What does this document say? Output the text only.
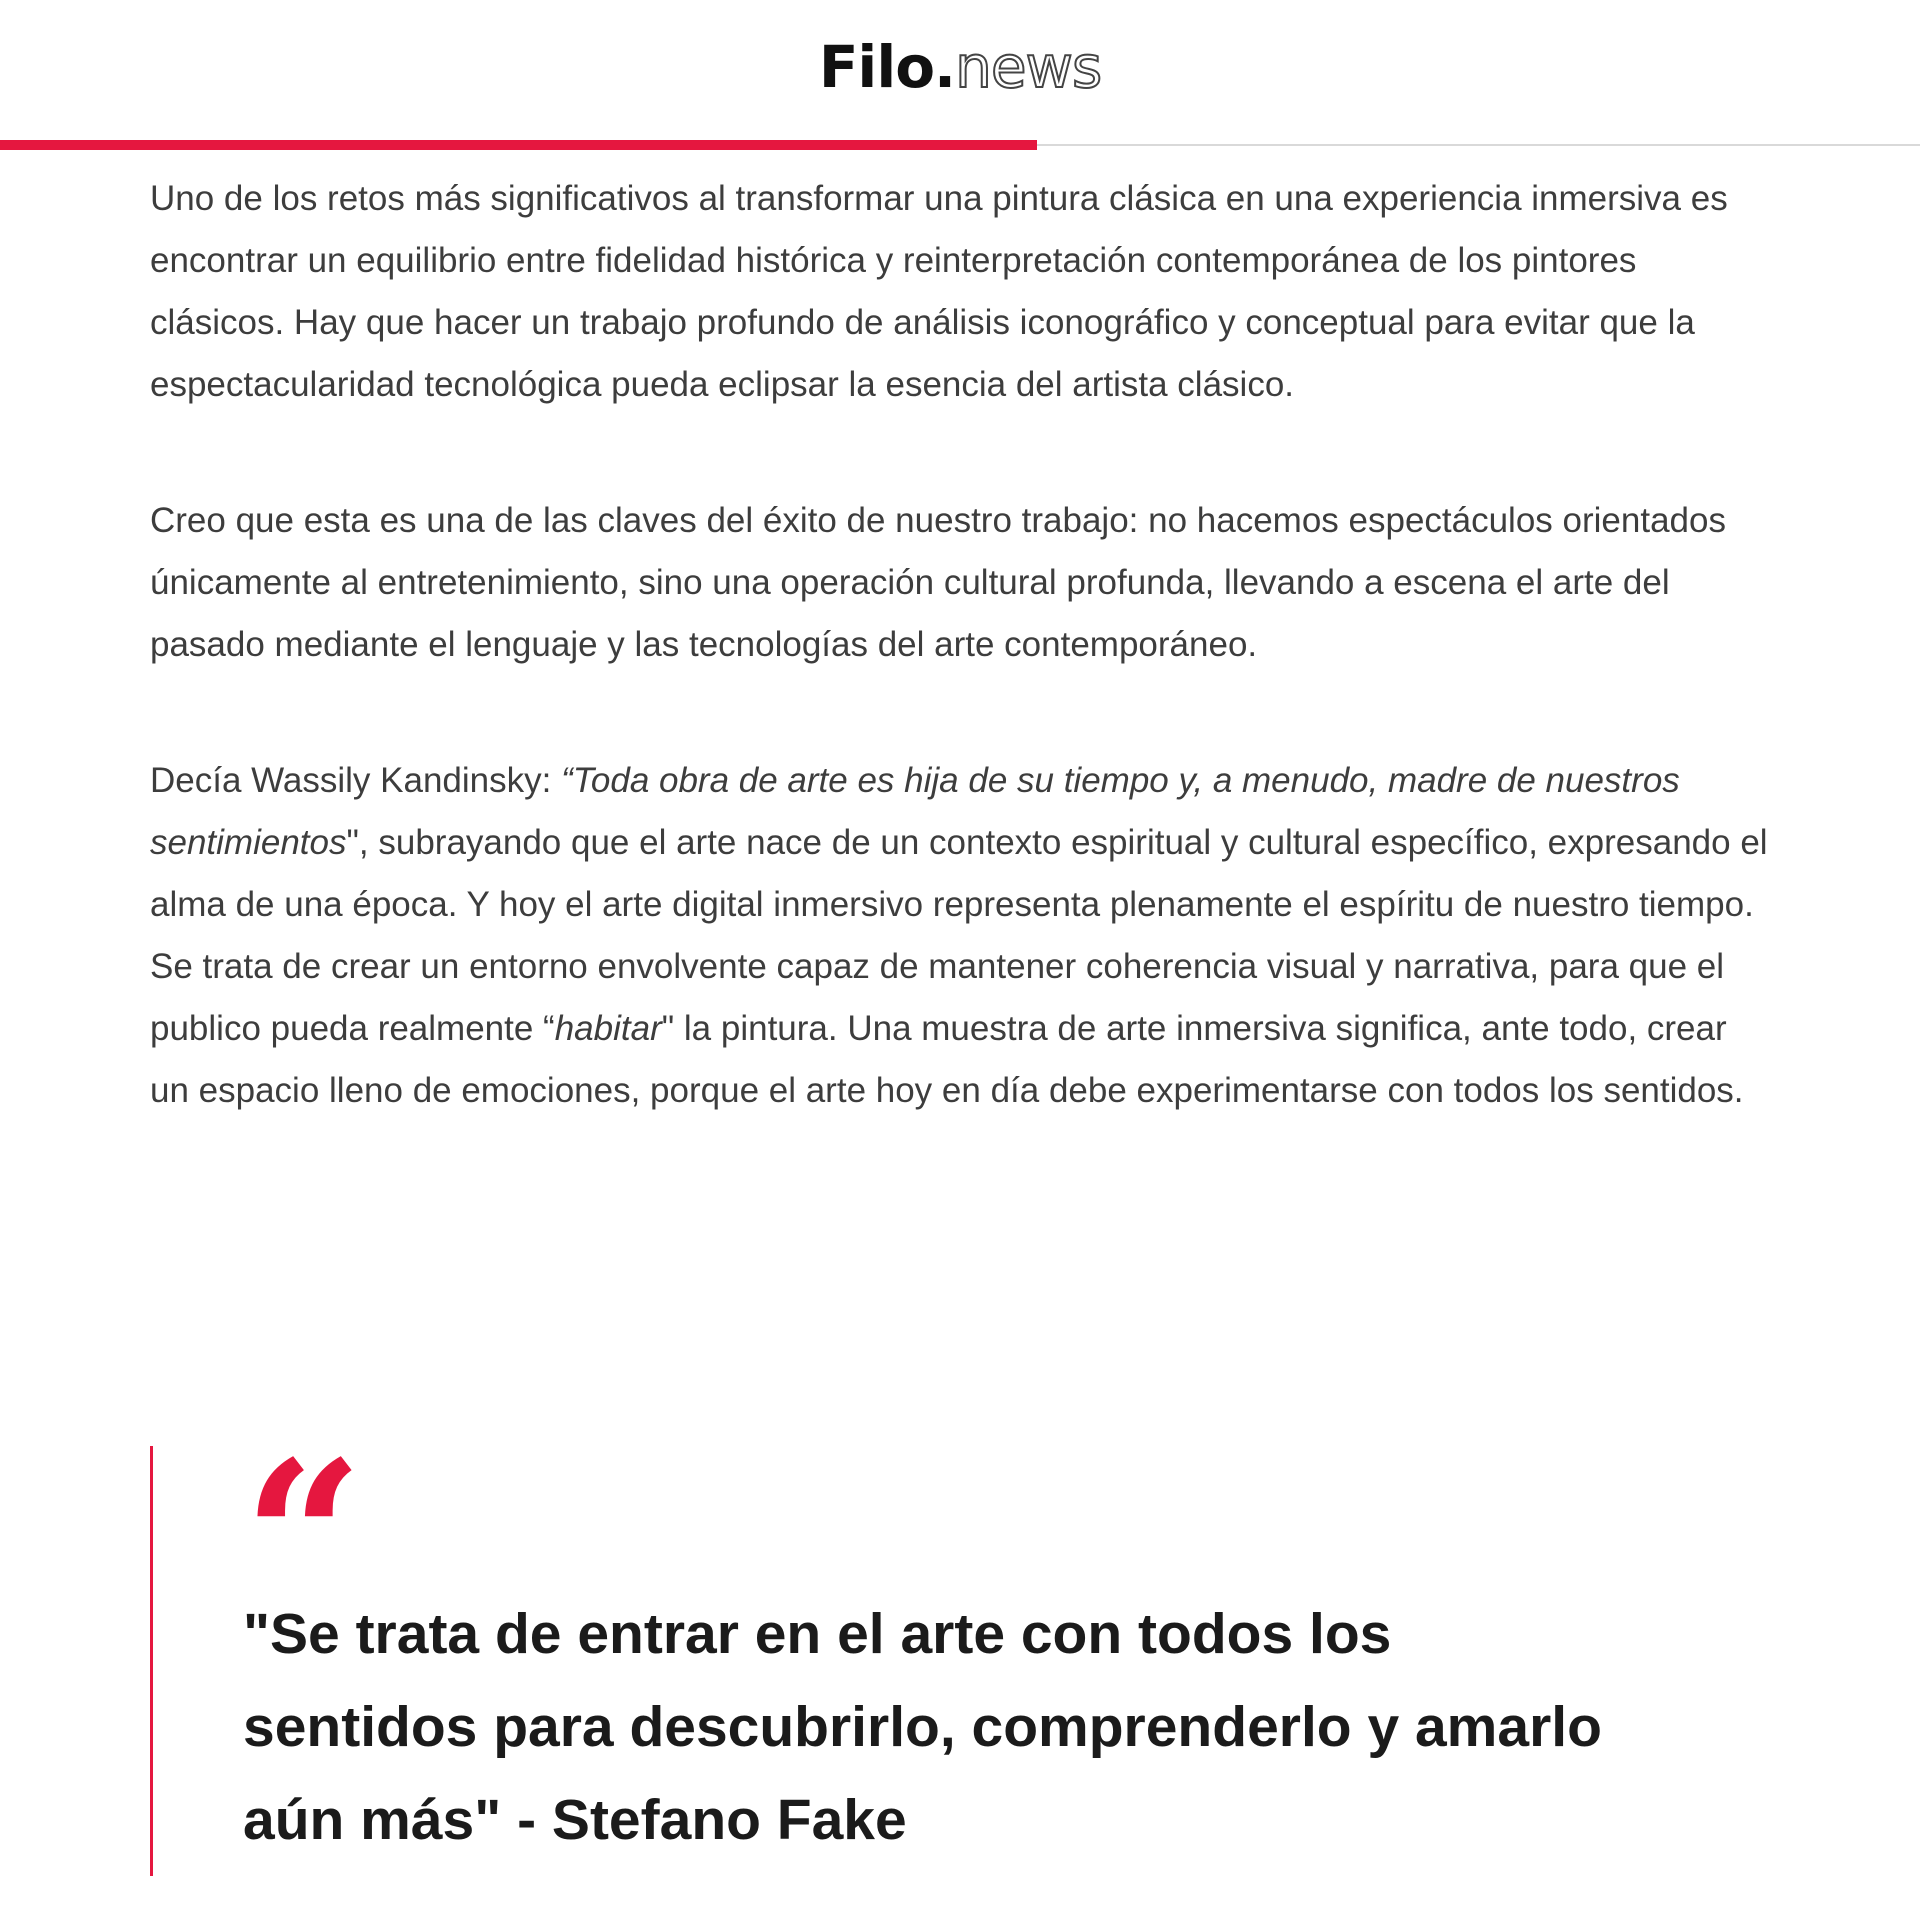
Filo.news

Uno de los retos más significativos al transformar una pintura clásica en una experiencia inmersiva es encontrar un equilibrio entre fidelidad histórica y reinterpretación contemporánea de los pintores clásicos. Hay que hacer un trabajo profundo de análisis iconográfico y conceptual para evitar que la espectacularidad tecnológica pueda eclipsar la esencia del artista clásico.

Creo que esta es una de las claves del éxito de nuestro trabajo: no hacemos espectáculos orientados únicamente al entretenimiento, sino una operación cultural profunda, llevando a escena el arte del pasado mediante el lenguaje y las tecnologías del arte contemporáneo.

Decía Wassily Kandinsky: “Toda obra de arte es hija de su tiempo y, a menudo, madre de nuestros sentimientos", subrayando que el arte nace de un contexto espiritual y cultural específico, expresando el alma de una época. Y hoy el arte digital inmersivo representa plenamente el espíritu de nuestro tiempo. Se trata de crear un entorno envolvente capaz de mantener coherencia visual y narrativa, para que el publico pueda realmente “habitar" la pintura. Una muestra de arte inmersiva significa, ante todo, crear un espacio lleno de emociones, porque el arte hoy en día debe experimentarse con todos los sentidos.

“

"Se trata de entrar en el arte con todos los sentidos para descubrirlo, comprenderlo y amarlo aún más" - Stefano Fake
